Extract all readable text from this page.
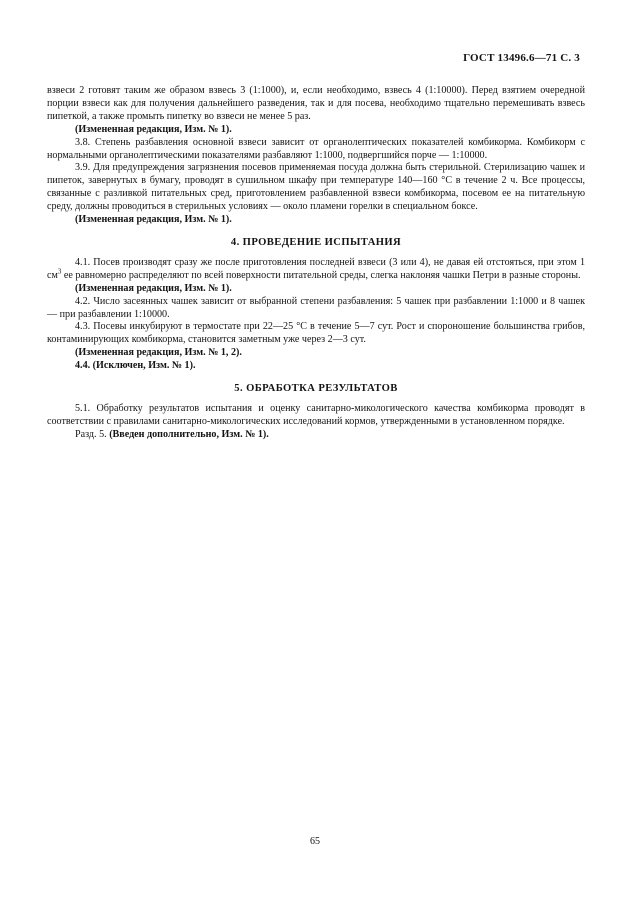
ГОСТ 13496.6—71 С. 3

взвеси 2 готовят таким же образом взвесь 3 (1:1000), и, если необходимо, взвесь 4 (1:10000). Перед взятием очередной порции взвеси как для получения дальнейшего разведения, так и для посева, необходимо тщательно перемешивать взвесь пипеткой, а также промыть пипетку во взвеси не менее 5 раз.

(Измененная редакция, Изм. № 1).

3.8. Степень разбавления основной взвеси зависит от органолептических показателей комбикорма. Комбикорм с нормальными органолептическими показателями разбавляют 1:1000, подвергшийся порче — 1:10000.

3.9. Для предупреждения загрязнения посевов применяемая посуда должна быть стерильной. Стерилизацию чашек и пипеток, завернутых в бумагу, проводят в сушильном шкафу при температуре 140—160 °С в течение 2 ч. Все процессы, связанные с разливкой питательных сред, приготовлением разбавленной взвеси комбикорма, посевом ее на питательную среду, должны проводиться в стерильных условиях — около пламени горелки в специальном боксе.

(Измененная редакция, Изм. № 1).

4. ПРОВЕДЕНИЕ ИСПЫТАНИЯ

4.1. Посев производят сразу же после приготовления последней взвеси (3 или 4), не давая ей отстояться, при этом 1 $см^3$ ее равномерно распределяют по всей поверхности питательной среды, слегка наклоняя чашки Петри в разные стороны.

(Измененная редакция, Изм. № 1).

4.2. Число засеянных чашек зависит от выбранной степени разбавления: 5 чашек при разбавлении 1:1000 и 8 чашек — при разбавлении 1:10000.

4.3. Посевы инкубируют в термостате при 22—25 °С в течение 5—7 сут. Рост и спороношение большинства грибов, контаминирующих комбикорма, становится заметным уже через 2—3 сут.

(Измененная редакция, Изм. № 1, 2).

4.4. (Исключен, Изм. № 1).

5. ОБРАБОТКА РЕЗУЛЬТАТОВ

5.1. Обработку результатов испытания и оценку санитарно-микологического качества комбикорма проводят в соответствии с правилами санитарно-микологических исследований кормов, утвержденными в установленном порядке.

Разд. 5. (Введен дополнительно, Изм. № 1).

65
